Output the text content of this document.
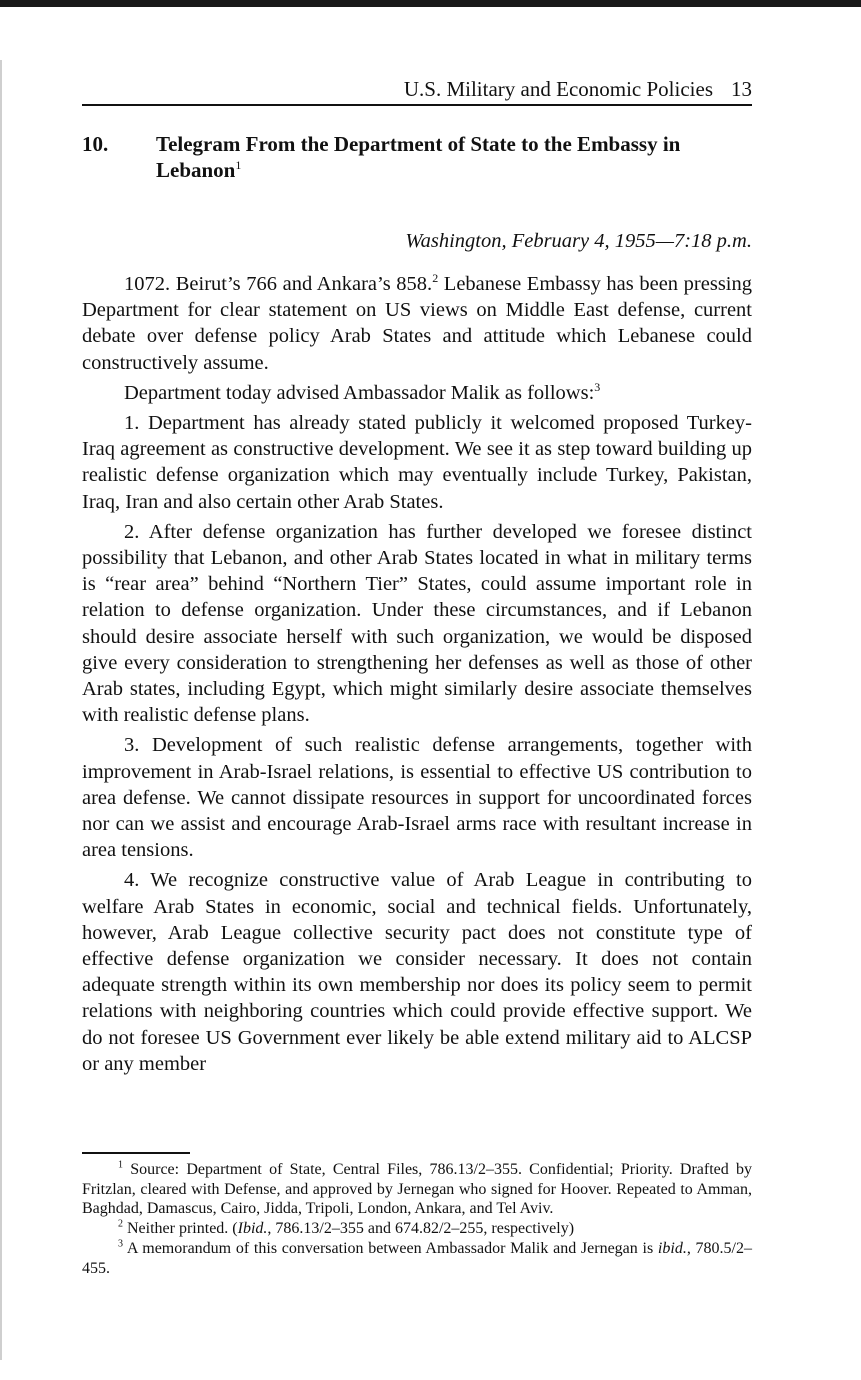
U.S. Military and Economic Policies 13
10. Telegram From the Department of State to the Embassy in Lebanon$^1$
Washington, February 4, 1955—7:18 p.m.

1072. Beirut’s 766 and Ankara’s 858.$^2$ Lebanese Embassy has been pressing Department for clear statement on US views on Middle East defense, current debate over defense policy Arab States and attitude which Lebanese could constructively assume.

Department today advised Ambassador Malik as follows:$^3$

1. Department has already stated publicly it welcomed proposed Turkey-Iraq agreement as constructive development. We see it as step toward building up realistic defense organization which may eventually include Turkey, Pakistan, Iraq, Iran and also certain other Arab States.

2. After defense organization has further developed we foresee distinct possibility that Lebanon, and other Arab States located in what in military terms is “rear area” behind “Northern Tier” States, could assume important role in relation to defense organization. Under these circumstances, and if Lebanon should desire associate herself with such organization, we would be disposed give every consideration to strengthening her defenses as well as those of other Arab states, including Egypt, which might similarly desire associate themselves with realistic defense plans.

3. Development of such realistic defense arrangements, together with improvement in Arab-Israel relations, is essential to effective US contribution to area defense. We cannot dissipate resources in support for uncoordinated forces nor can we assist and encourage Arab-Israel arms race with resultant increase in area tensions.

4. We recognize constructive value of Arab League in contributing to welfare Arab States in economic, social and technical fields. Unfortunately, however, Arab League collective security pact does not constitute type of effective defense organization we consider necessary. It does not contain adequate strength within its own membership nor does its policy seem to permit relations with neighboring countries which could provide effective support. We do not foresee US Government ever likely be able extend military aid to ALCSP or any member

$^1$ Source: Department of State, Central Files, 786.13/2–355. Confidential; Priority. Drafted by Fritzlan, cleared with Defense, and approved by Jernegan who signed for Hoover. Repeated to Amman, Baghdad, Damascus, Cairo, Jidda, Tripoli, London, Ankara, and Tel Aviv.

$^2$ Neither printed. (Ibid., 786.13/2–355 and 674.82/2–255, respectively)

$^3$ A memorandum of this conversation between Ambassador Malik and Jernegan is ibid., 780.5/2–455.
